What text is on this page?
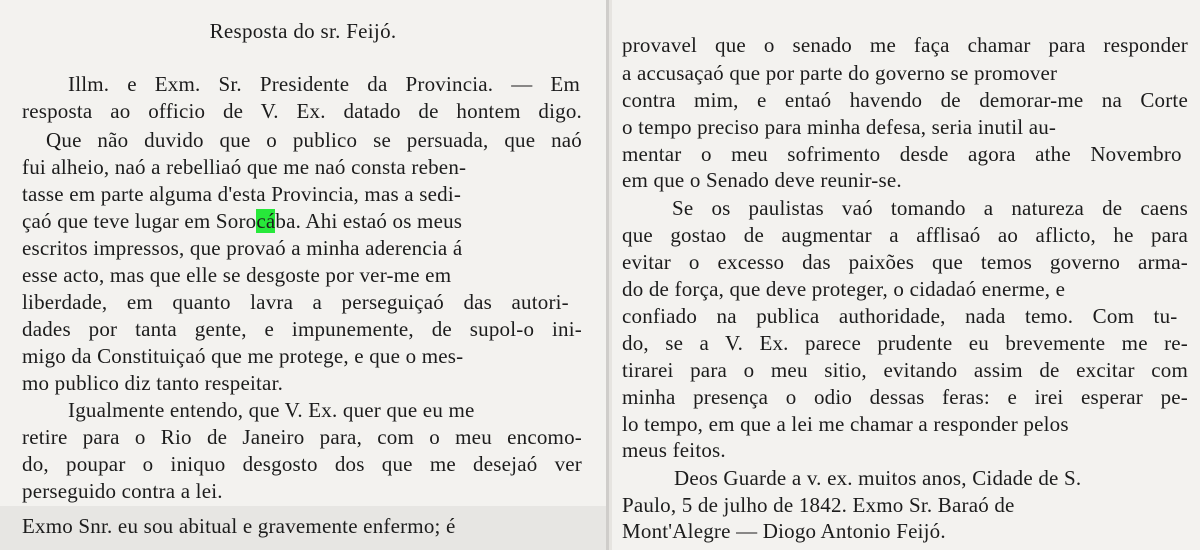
Resposta do sr. Feijó.
Illm. e Exm. Sr. Presidente da Provincia. — Em
resposta ao officio de V. Ex. datado de hontem digo.
Que não duvido que o publico se persuada, que naó
fui alheio, naó a rebelliaó que me naó consta reben-
tasse em parte alguma d'esta Provincia, mas a sedi-
çaó que teve lugar em Sorocába. Ahi estaó os meus
escritos impressos, que provaó a minha aderencia á
esse acto, mas que elle se desgoste por ver-me em
liberdade, em quanto lavra a perseguiçaó das autori-
dades por tanta gente, e impunemente, de supol-o ini-
migo da Constituiçaó que me protege, e que o mes-
mo publico diz tanto respeitar.
Igualmente entendo, que V. Ex. quer que eu me
retire para o Rio de Janeiro para, com o meu encomo-
do, poupar o iniquo desgosto dos que me desejaó ver
perseguido contra a lei.
Exmo Snr. eu sou abitual e gravemente enfermo; é
provavel que o senado me faça chamar para responder
a accusaçaó que por parte do governo se promover
contra mim, e entaó havendo de demorar-me na Corte
o tempo preciso para minha defesa, seria inutil au-
mentar o meu sofrimento desde agora athe Novembro
em que o Senado deve reunir-se.
Se os paulistas vaó tomando a natureza de caens
que gostao de augmentar a afflisaó ao aflicto, he para
evitar o excesso das paixões que temos governo arma-
do de força, que deve proteger, o cidadaó enerme, e
confiado na publica authoridade, nada temo. Com tu-
do, se a V. Ex. parece prudente eu brevemente me re-
tirarei para o meu sitio, evitando assim de excitar com
minha presença o odio dessas feras: e irei esperar pe-
lo tempo, em que a lei me chamar a responder pelos
meus feitos.
Deos Guarde a v. ex. muitos anos, Cidade de S.
Paulo, 5 de julho de 1842. Exmo Sr. Baraó de
Mont'Alegre — Diogo Antonio Feijó.
